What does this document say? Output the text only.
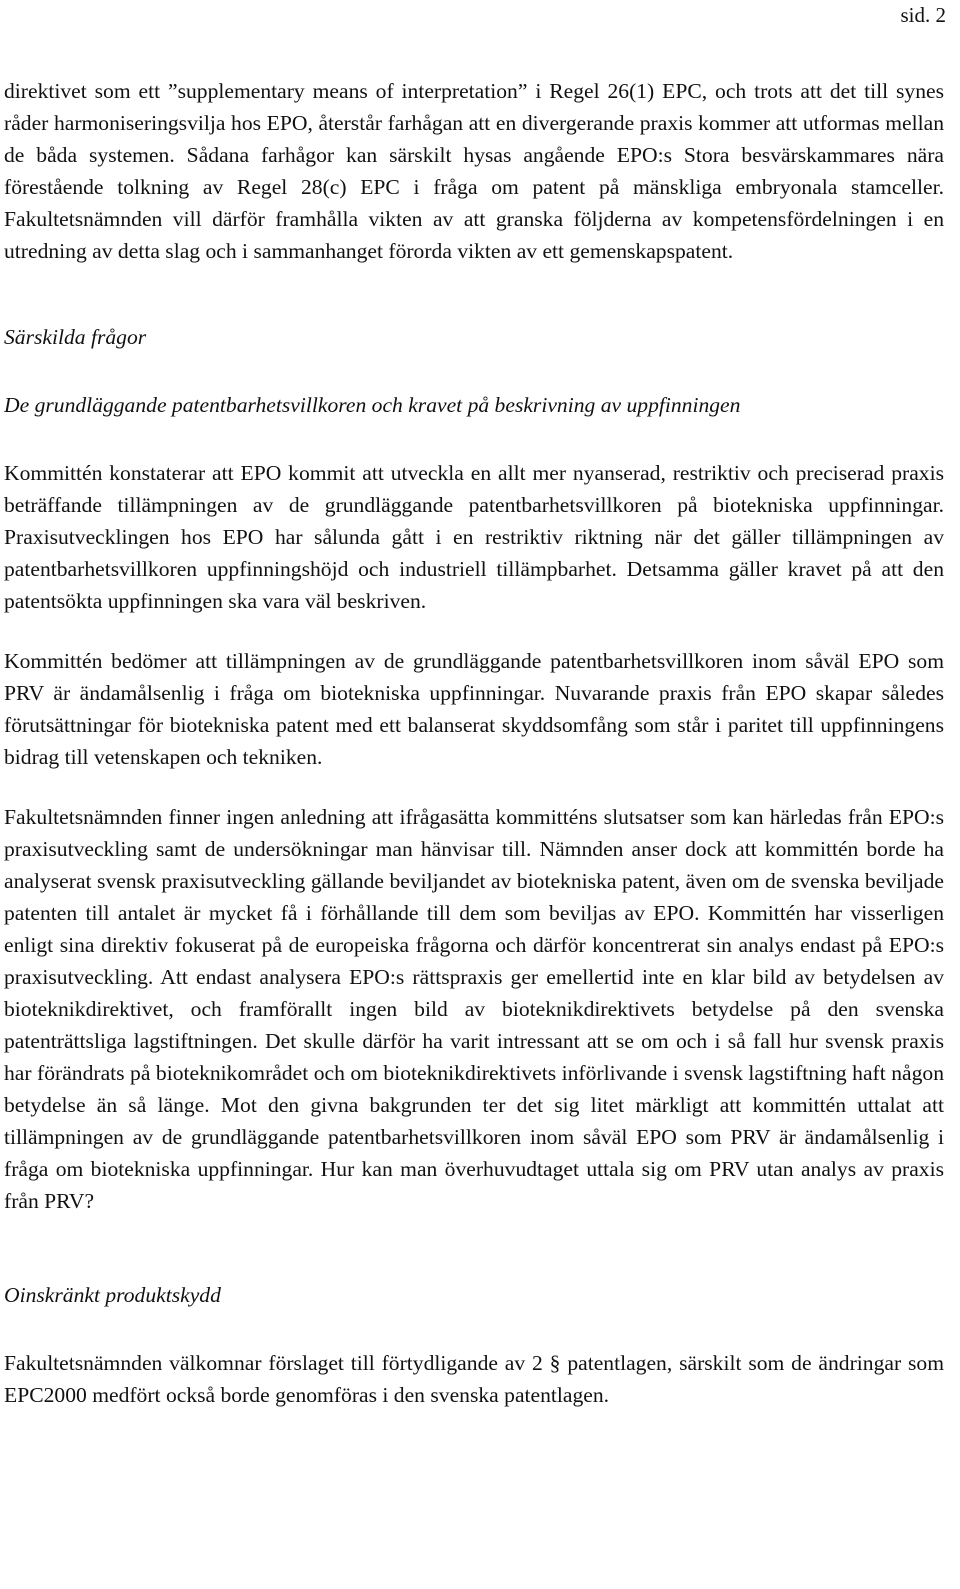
sid. 2

direktivet som ett ”supplementary means of interpretation” i Regel 26(1) EPC, och trots att det till synes råder harmoniseringsvilja hos EPO, återstår farhågan att en divergerande praxis kommer att utformas mellan de båda systemen. Sådana farhågor kan särskilt hysas angående EPO:s Stora besvärskammares nära förestående tolkning av Regel 28(c) EPC i fråga om patent på mänskliga embryonala stamceller. Fakultetsnämnden vill därför framhålla vikten av att granska följderna av kompetensfördelningen i en utredning av detta slag och i sammanhanget förorda vikten av ett gemenskapspatent.

Särskilda frågor

De grundläggande patentbarhetsvillkoren och kravet på beskrivning av uppfinningen

Kommittén konstaterar att EPO kommit att utveckla en allt mer nyanserad, restriktiv och preciserad praxis beträffande tillämpningen av de grundläggande patentbarhetsvillkoren på biotekniska uppfinningar. Praxisutvecklingen hos EPO har sålunda gått i en restriktiv riktning när det gäller tillämpningen av patentbarhetsvillkoren uppfinningshöjd och industriell tillämpbarhet. Detsamma gäller kravet på att den patentsökta uppfinningen ska vara väl beskriven.

Kommittén bedömer att tillämpningen av de grundläggande patentbarhetsvillkoren inom såväl EPO som PRV är ändamålsenlig i fråga om biotekniska uppfinningar. Nuvarande praxis från EPO skapar således förutsättningar för biotekniska patent med ett balanserat skyddsomfång som står i paritet till uppfinningens bidrag till vetenskapen och tekniken.

Fakultetsnämnden finner ingen anledning att ifrågasätta kommitténs slutsatser som kan härledas från EPO:s praxisutveckling samt de undersökningar man hänvisar till. Nämnden anser dock att kommittén borde ha analyserat svensk praxisutveckling gällande beviljandet av biotekniska patent, även om de svenska beviljade patenten till antalet är mycket få i förhållande till dem som beviljas av EPO. Kommittén har visserligen enligt sina direktiv fokuserat på de europeiska frågorna och därför koncentrerat sin analys endast på EPO:s praxisutveckling. Att endast analysera EPO:s rättspraxis ger emellertid inte en klar bild av betydelsen av bioteknikdirektivet, och framförallt ingen bild av bioteknikdirektivets betydelse på den svenska patenträttsliga lagstiftningen. Det skulle därför ha varit intressant att se om och i så fall hur svensk praxis har förändrats på bioteknikområdet och om bioteknikdirektivets införlivande i svensk lagstiftning haft någon betydelse än så länge. Mot den givna bakgrunden ter det sig litet märkligt att kommittén uttalat att tillämpningen av de grundläggande patentbarhetsvillkoren inom såväl EPO som PRV är ändamålsenlig i fråga om biotekniska uppfinningar. Hur kan man överhuvudtaget uttala sig om PRV utan analys av praxis från PRV?

Oinskränkt produktskydd

Fakultetsnämnden välkomnar förslaget till förtydligande av 2 § patentlagen, särskilt som de ändringar som EPC2000 medfört också borde genomföras i den svenska patentlagen.
